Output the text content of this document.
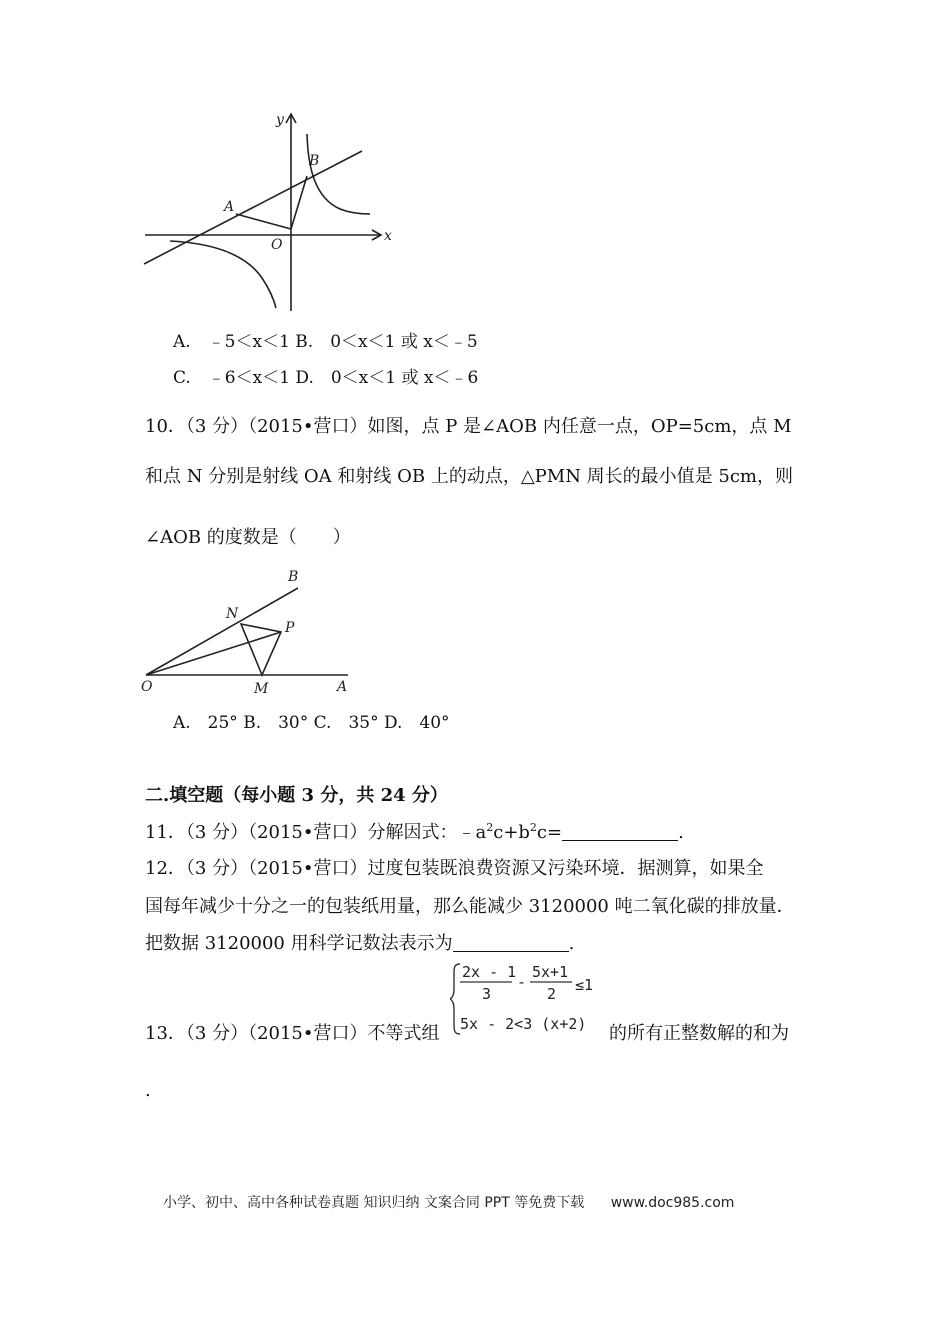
y
x
A
B
O
A.　﹣5＜x＜1 B.　0＜x＜1 或 x＜﹣5
C.　﹣6＜x＜1 D.　0＜x＜1 或 x＜﹣6
10．（3 分）（2015•营口）如图，点 P 是∠AOB 内任意一点，OP=5cm，点 M
和点 N 分别是射线 OA 和射线 OB 上的动点，△PMN 周长的最小值是 5cm，则
∠AOB 的度数是（　　）
B
N
P
O	M	A
A.　25° B.　30° C.　35° D.　40°
二.填空题（每小题 3 分，共 24 分）
11．（3 分）（2015•营口）分解因式：$﹣a^2c+b^2c=$	.
12．（3 分）（2015•营口）过度包装既浪费资源又污染环境．据测算，如果全
国每年减少十分之一的包装纸用量，那么能减少 3120000 吨二氧化碳的排放量．
把数据 3120000 用科学记数法表示为	.
13．（3 分）（2015•营口）不等式组
2x - 1
3
-
5x+1
2 ≤1
5x - 2<3 (x+2) 的所有正整数解的和为
.
小学、初中、高中各种试卷真题 知识归纳 文案合同 PPT 等免费下载 www.doc985.com
